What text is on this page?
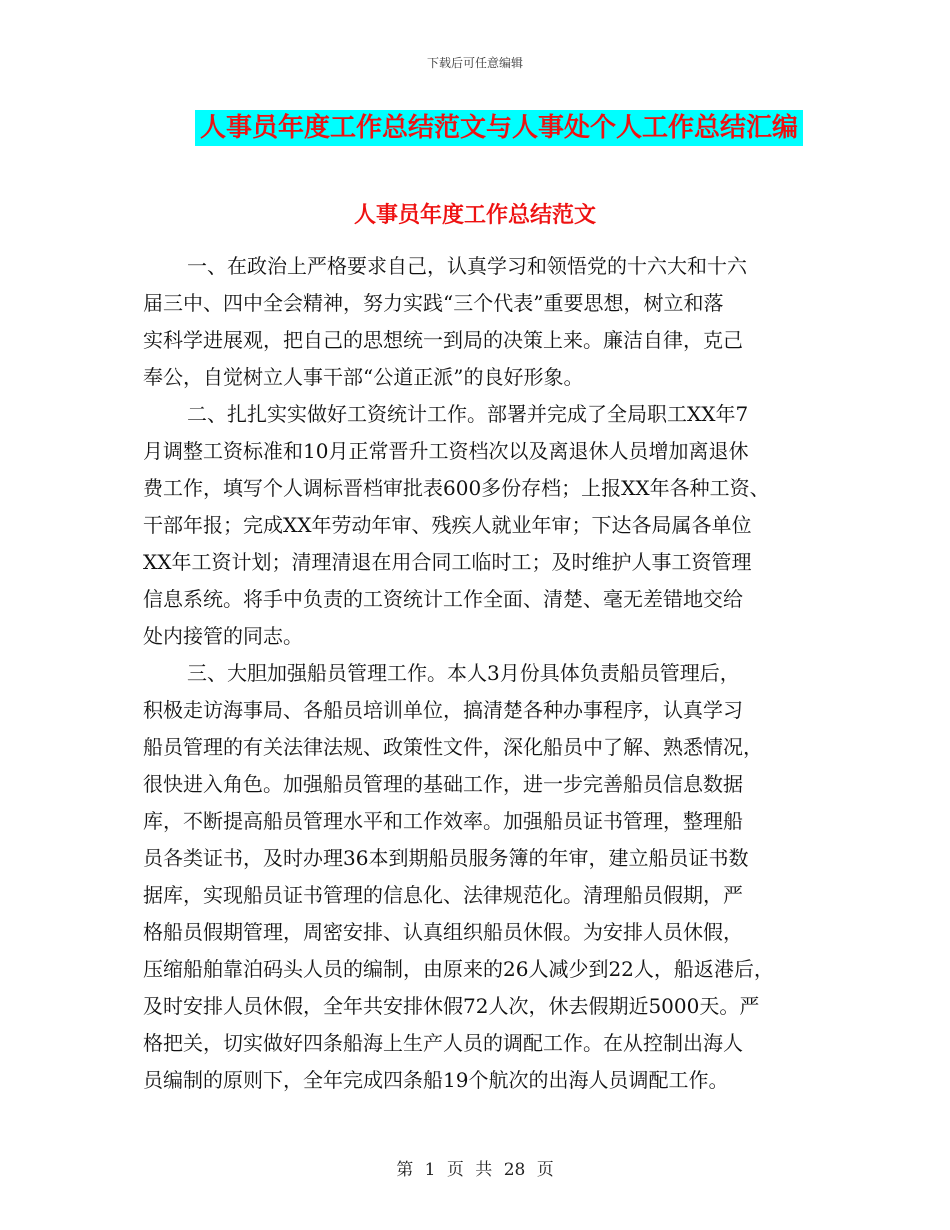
下载后可任意编辑
人事员年度工作总结范文与人事处个人工作总结汇编
人事员年度工作总结范文
一、在政治上严格要求自己，认真学习和领悟党的十六大和十六
届三中、四中全会精神，努力实践“三个代表”重要思想，树立和落
实科学进展观，把自己的思想统一到局的决策上来。廉洁自律，克己
奉公，自觉树立人事干部“公道正派”的良好形象。
二、扎扎实实做好工资统计工作。部署并完成了全局职工XX年7
月调整工资标准和10月正常晋升工资档次以及离退休人员增加离退休
费工作，填写个人调标晋档审批表600多份存档；上报XX年各种工资、
干部年报；完成XX年劳动年审、残疾人就业年审；下达各局属各单位
XX年工资计划；清理清退在用合同工临时工；及时维护人事工资管理
信息系统。将手中负责的工资统计工作全面、清楚、毫无差错地交给
处内接管的同志。
三、大胆加强船员管理工作。本人3月份具体负责船员管理后，
积极走访海事局、各船员培训单位，搞清楚各种办事程序，认真学习
船员管理的有关法律法规、政策性文件，深化船员中了解、熟悉情况，
很快进入角色。加强船员管理的基础工作，进一步完善船员信息数据
库，不断提高船员管理水平和工作效率。加强船员证书管理，整理船
员各类证书，及时办理36本到期船员服务簿的年审，建立船员证书数
据库，实现船员证书管理的信息化、法律规范化。清理船员假期，严
格船员假期管理，周密安排、认真组织船员休假。为安排人员休假，
压缩船舶靠泊码头人员的编制，由原来的26人减少到22人，船返港后，
及时安排人员休假，全年共安排休假72人次，休去假期近5000天。严
格把关，切实做好四条船海上生产人员的调配工作。在从控制出海人
员编制的原则下，全年完成四条船19个航次的出海人员调配工作。
第 1 页 共 28 页
